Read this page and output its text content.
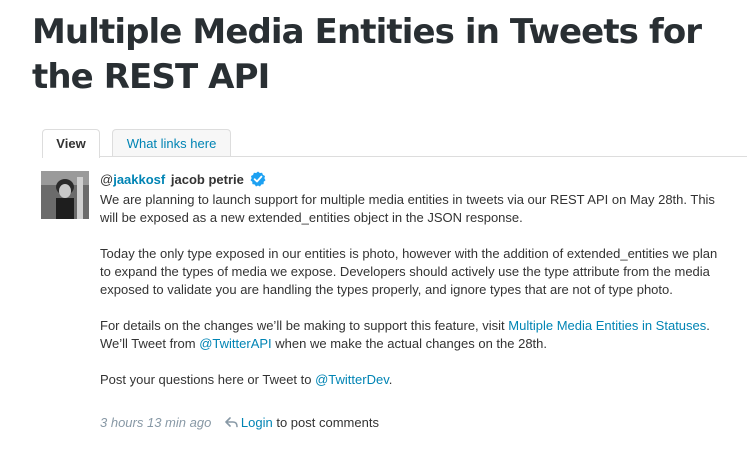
Multiple Media Entities in Tweets for the REST API
View	What links here
@jaakkosf jacob petrie

We are planning to launch support for multiple media entities in tweets via our REST API on May 28th. This will be exposed as a new extended_entities object in the JSON response.

Today the only type exposed in our entities is photo, however with the addition of extended_entities we plan to expand the types of media we expose. Developers should actively use the type attribute from the media exposed to validate you are handling the types properly, and ignore types that are not of type photo.

For details on the changes we’ll be making to support this feature, visit Multiple Media Entities in Statuses. We’ll Tweet from @TwitterAPI when we make the actual changes on the 28th.

Post your questions here or Tweet to @TwitterDev.

3 hours 13 min ago Login to post comments
